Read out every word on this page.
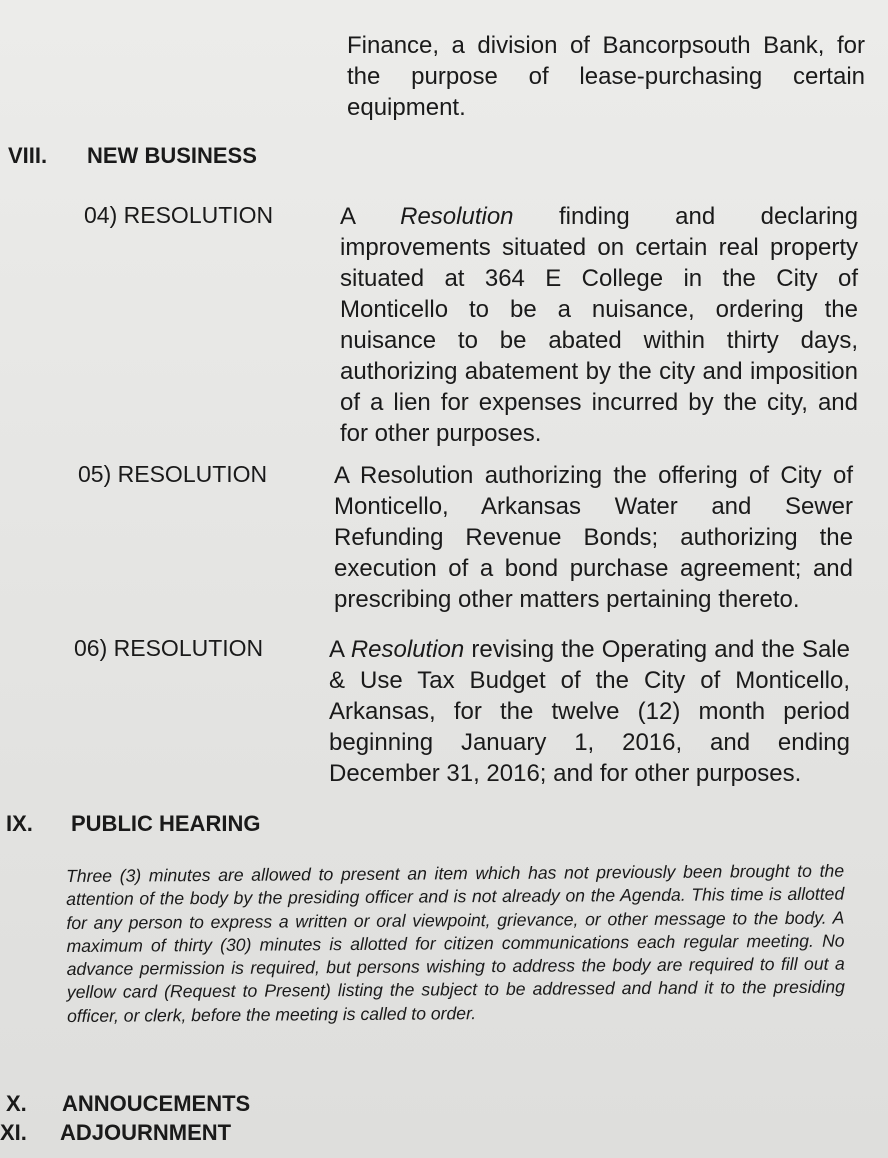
Finance, a division of Bancorpsouth Bank, for the purpose of lease-purchasing certain equipment.

VIII. NEW BUSINESS

04) RESOLUTION	A Resolution finding and declaring improvements situated on certain real property situated at 364 E College in the City of Monticello to be a nuisance, ordering the nuisance to be abated within thirty days, authorizing abatement by the city and imposition of a lien for expenses incurred by the city, and for other purposes.

05) RESOLUTION	A Resolution authorizing the offering of City of Monticello, Arkansas Water and Sewer Refunding Revenue Bonds; authorizing the execution of a bond purchase agreement; and prescribing other matters pertaining thereto.

06) RESOLUTION	A Resolution revising the Operating and the Sale & Use Tax Budget of the City of Monticello, Arkansas, for the twelve (12) month period beginning January 1, 2016, and ending December 31, 2016; and for other purposes.

IX. PUBLIC HEARING

Three (3) minutes are allowed to present an item which has not previously been brought to the attention of the body by the presiding officer and is not already on the Agenda. This time is allotted for any person to express a written or oral viewpoint, grievance, or other message to the body. A maximum of thirty (30) minutes is allotted for citizen communications each regular meeting. No advance permission is required, but persons wishing to address the body are required to fill out a yellow card (Request to Present) listing the subject to be addressed and hand it to the presiding officer, or clerk, before the meeting is called to order.

X. ANNOUCEMENTS
XI. ADJOURNMENT
